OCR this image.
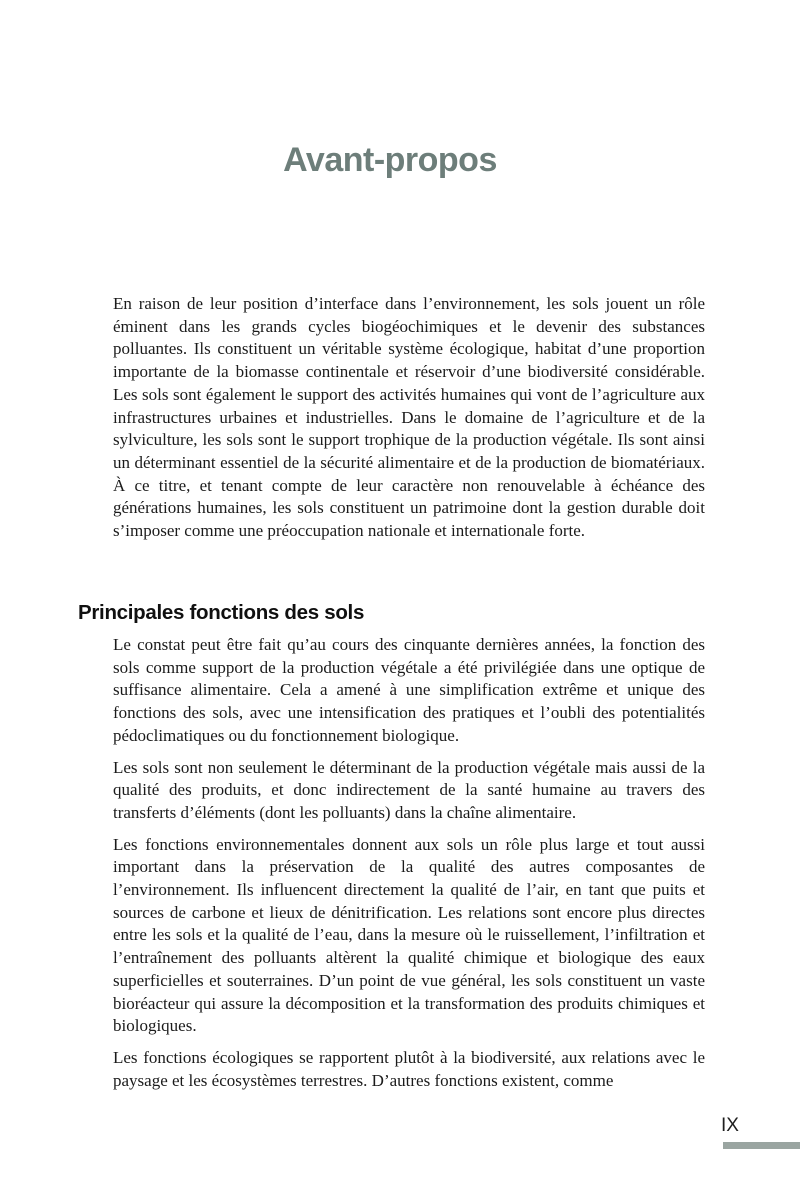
Avant-propos

En raison de leur position d’interface dans l’environnement, les sols jouent un rôle éminent dans les grands cycles biogéochimiques et le devenir des substances polluantes. Ils constituent un véritable système écologique, habitat d’une proportion importante de la biomasse continentale et réservoir d’une biodiversité considérable. Les sols sont également le support des activités humaines qui vont de l’agriculture aux infrastructures urbaines et industrielles. Dans le domaine de l’agriculture et de la sylviculture, les sols sont le support trophique de la production végétale. Ils sont ainsi un déterminant essentiel de la sécurité alimentaire et de la production de biomatériaux. À ce titre, et tenant compte de leur caractère non renouvelable à échéance des générations humaines, les sols constituent un patrimoine dont la gestion durable doit s’imposer comme une préoccupation nationale et internationale forte.

Principales fonctions des sols

Le constat peut être fait qu’au cours des cinquante dernières années, la fonction des sols comme support de la production végétale a été privilégiée dans une optique de suffisance alimentaire. Cela a amené à une simplification extrême et unique des fonctions des sols, avec une intensification des pratiques et l’oubli des potentialités pédoclimatiques ou du fonctionnement biologique.

Les sols sont non seulement le déterminant de la production végétale mais aussi de la qualité des produits, et donc indirectement de la santé humaine au travers des transferts d’éléments (dont les polluants) dans la chaîne alimentaire.

Les fonctions environnementales donnent aux sols un rôle plus large et tout aussi important dans la préservation de la qualité des autres composantes de l’environnement. Ils influencent directement la qualité de l’air, en tant que puits et sources de carbone et lieux de dénitrification. Les relations sont encore plus directes entre les sols et la qualité de l’eau, dans la mesure où le ruissellement, l’infiltration et l’entraînement des polluants altèrent la qualité chimique et biologique des eaux superficielles et souterraines. D’un point de vue général, les sols constituent un vaste bioréacteur qui assure la décomposition et la transformation des produits chimiques et biologiques.

Les fonctions écologiques se rapportent plutôt à la biodiversité, aux relations avec le paysage et les écosystèmes terrestres. D’autres fonctions existent, comme

IX
